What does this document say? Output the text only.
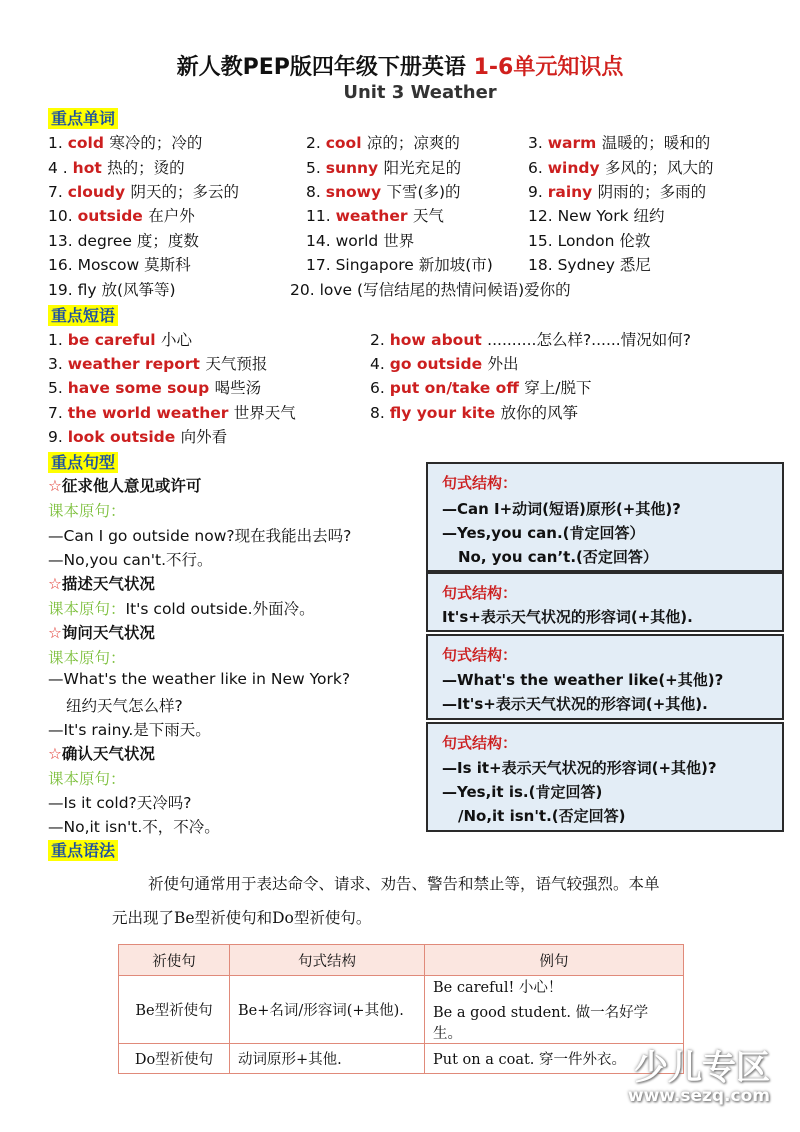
新人教PEP版四年级下册英语 1-6单元知识点
Unit 3 Weather
重点单词
1. cold 寒冷的；冷的	2. cool 凉的；凉爽的	3. warm 温暖的；暖和的
4 . hot 热的；烫的	5. sunny 阳光充足的	6. windy 多风的；风大的
7. cloudy 阴天的；多云的	8. snowy 下雪(多)的	9. rainy 阴雨的；多雨的
10. outside 在户外	11. weather 天气	12. New York 纽约
13. degree 度；度数	14. world 世界	15. London 伦敦
16. Moscow 莫斯科	17. Singapore 新加坡(市) 18. Sydney 悉尼
19. fly 放(风筝等)	20. love (写信结尾的热情问候语)爱你的
重点短语
1. be careful 小心	2. how about ..........怎么样?......情况如何?
3. weather report 天气预报	4. go outside 外出
5. have some soup 喝些汤	6. put on/take off 穿上/脱下
7. the world weather 世界天气	8. fly your kite 放你的风筝
9. look outside 向外看
重点句型
☆征求他人意见或许可
课本原句：
—Can I go outside now?现在我能出去吗?
—No,you can't.不行。
☆描述天气状况
课本原句：It's cold outside.外面冷。
☆询问天气状况
课本原句：
—What's the weather like in New York?
纽约天气怎么样?
—It's rainy.是下雨天。
☆确认天气状况
课本原句：
—Is it cold?天冷吗?
—No,it isn't.不，不冷。
句式结构：
—Can I+动词(短语)原形(+其他)?
—Yes,you can.(肯定回答）
No, you can’t.(否定回答）
句式结构：
It's+表示天气状况的形容词(+其他).
句式结构：
—What's the weather like(+其他)?
—It's+表示天气状况的形容词(+其他).
句式结构：
—Is it+表示天气状况的形容词(+其他)?
—Yes,it is.(肯定回答)
/No,it isn't.(否定回答)
重点语法
祈使句通常用于表达命令、请求、劝告、警告和禁止等，语气较强烈。本单
元出现了Be型祈使句和Do型祈使句。
祈使句	句式结构	例句
Be型祈使句	Be+名词/形容词(+其他).	Be careful! 小心！
Be a good student. 做一名好学生。

Do型祈使句	动词原形+其他.	Put on a coat. 穿一件外衣。 少儿专区
www.sezq.com
